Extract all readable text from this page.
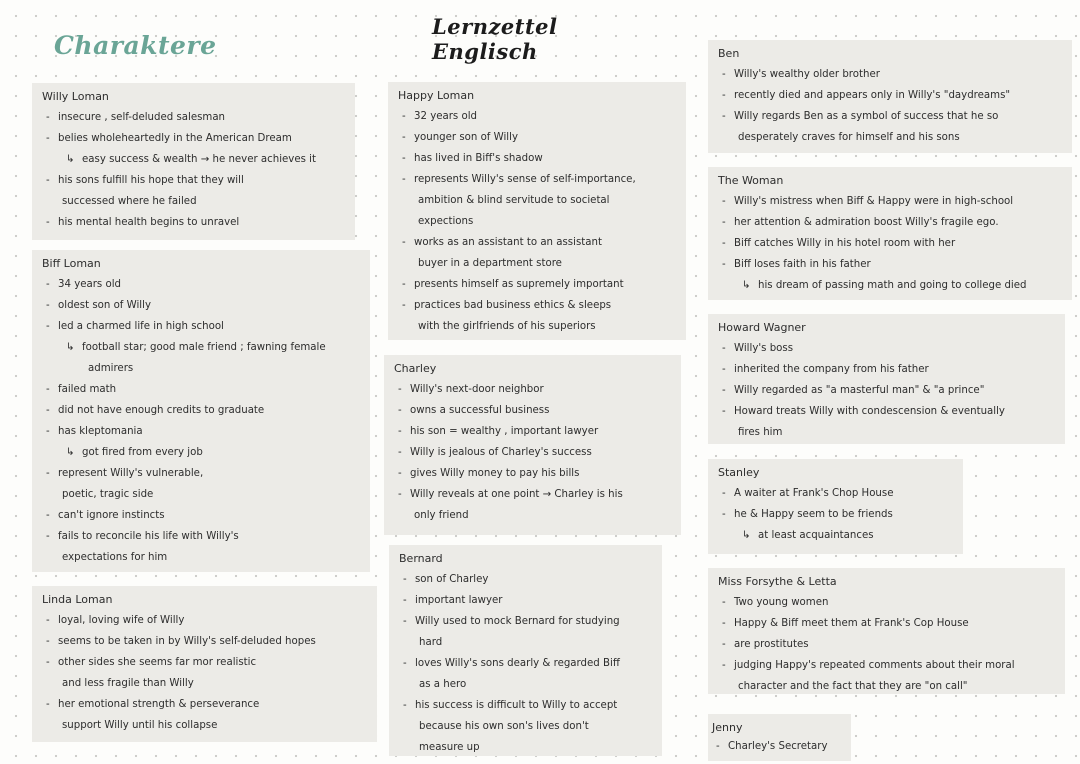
Lernzettel Englisch
Charaktere
Willy Loman
- insecure , self-deluded salesman
- belies wholeheartedly in the American Dream
↳ easy success & wealth → he never achieves it
- his sons fulfill his hope that they will
successed where he failed
- his mental health begins to unravel
Biff Loman
- 34 years old
- oldest son of Willy
- led a charmed life in high school
↳ football star; good male friend ; fawning female
admirers
- failed math
- did not have enough credits to graduate
- has kleptomania
↳ got fired from every job
- represent Willy's vulnerable,
poetic, tragic side
- can't ignore instincts
- fails to reconcile his life with Willy's
expectations for him
Linda Loman
- loyal, loving wife of Willy
- seems to be taken in by Willy's self-deluded hopes
- other sides she seems far mor realistic
and less fragile than Willy
- her emotional strength & perseverance
support Willy until his collapse
Happy Loman
- 32 years old
- younger son of Willy
- has lived in Biff's shadow
- represents Willy's sense of self-importance,
ambition & blind servitude to societal
expections
- works as an assistant to an assistant
buyer in a department store
- presents himself as supremely important
- practices bad business ethics & sleeps
with the girlfriends of his superiors
Charley
- Willy's next-door neighbor
- owns a successful business
- his son = wealthy , important lawyer
- Willy is jealous of Charley's success
- gives Willy money to pay his bills
- Willy reveals at one point → Charley is his
only friend
Bernard
- son of Charley
- important lawyer
- Willy used to mock Bernard for studying
hard
- loves Willy's sons dearly & regarded Biff
as a hero
- his success is difficult to Willy to accept
because his own son's lives don't
measure up
Ben
- Willy's wealthy older brother
- recently died and appears only in Willy's "daydreams"
- Willy regards Ben as a symbol of success that he so
desperately craves for himself and his sons
The Woman
- Willy's mistress when Biff & Happy were in high-school
- her attention & admiration boost Willy's fragile ego.
- Biff catches Willy in his hotel room with her
- Biff loses faith in his father
↳ his dream of passing math and going to college died
Howard Wagner
- Willy's boss
- inherited the company from his father
- Willy regarded as "a masterful man" & "a prince"
- Howard treats Willy with condescension & eventually
fires him
Stanley
- A waiter at Frank's Chop House
- he & Happy seem to be friends
↳ at least acquaintances
Miss Forsythe & Letta
- Two young women
- Happy & Biff meet them at Frank's Cop House
- are prostitutes
- judging Happy's repeated comments about their moral
character and the fact that they are "on call"
Jenny
- Charley's Secretary
